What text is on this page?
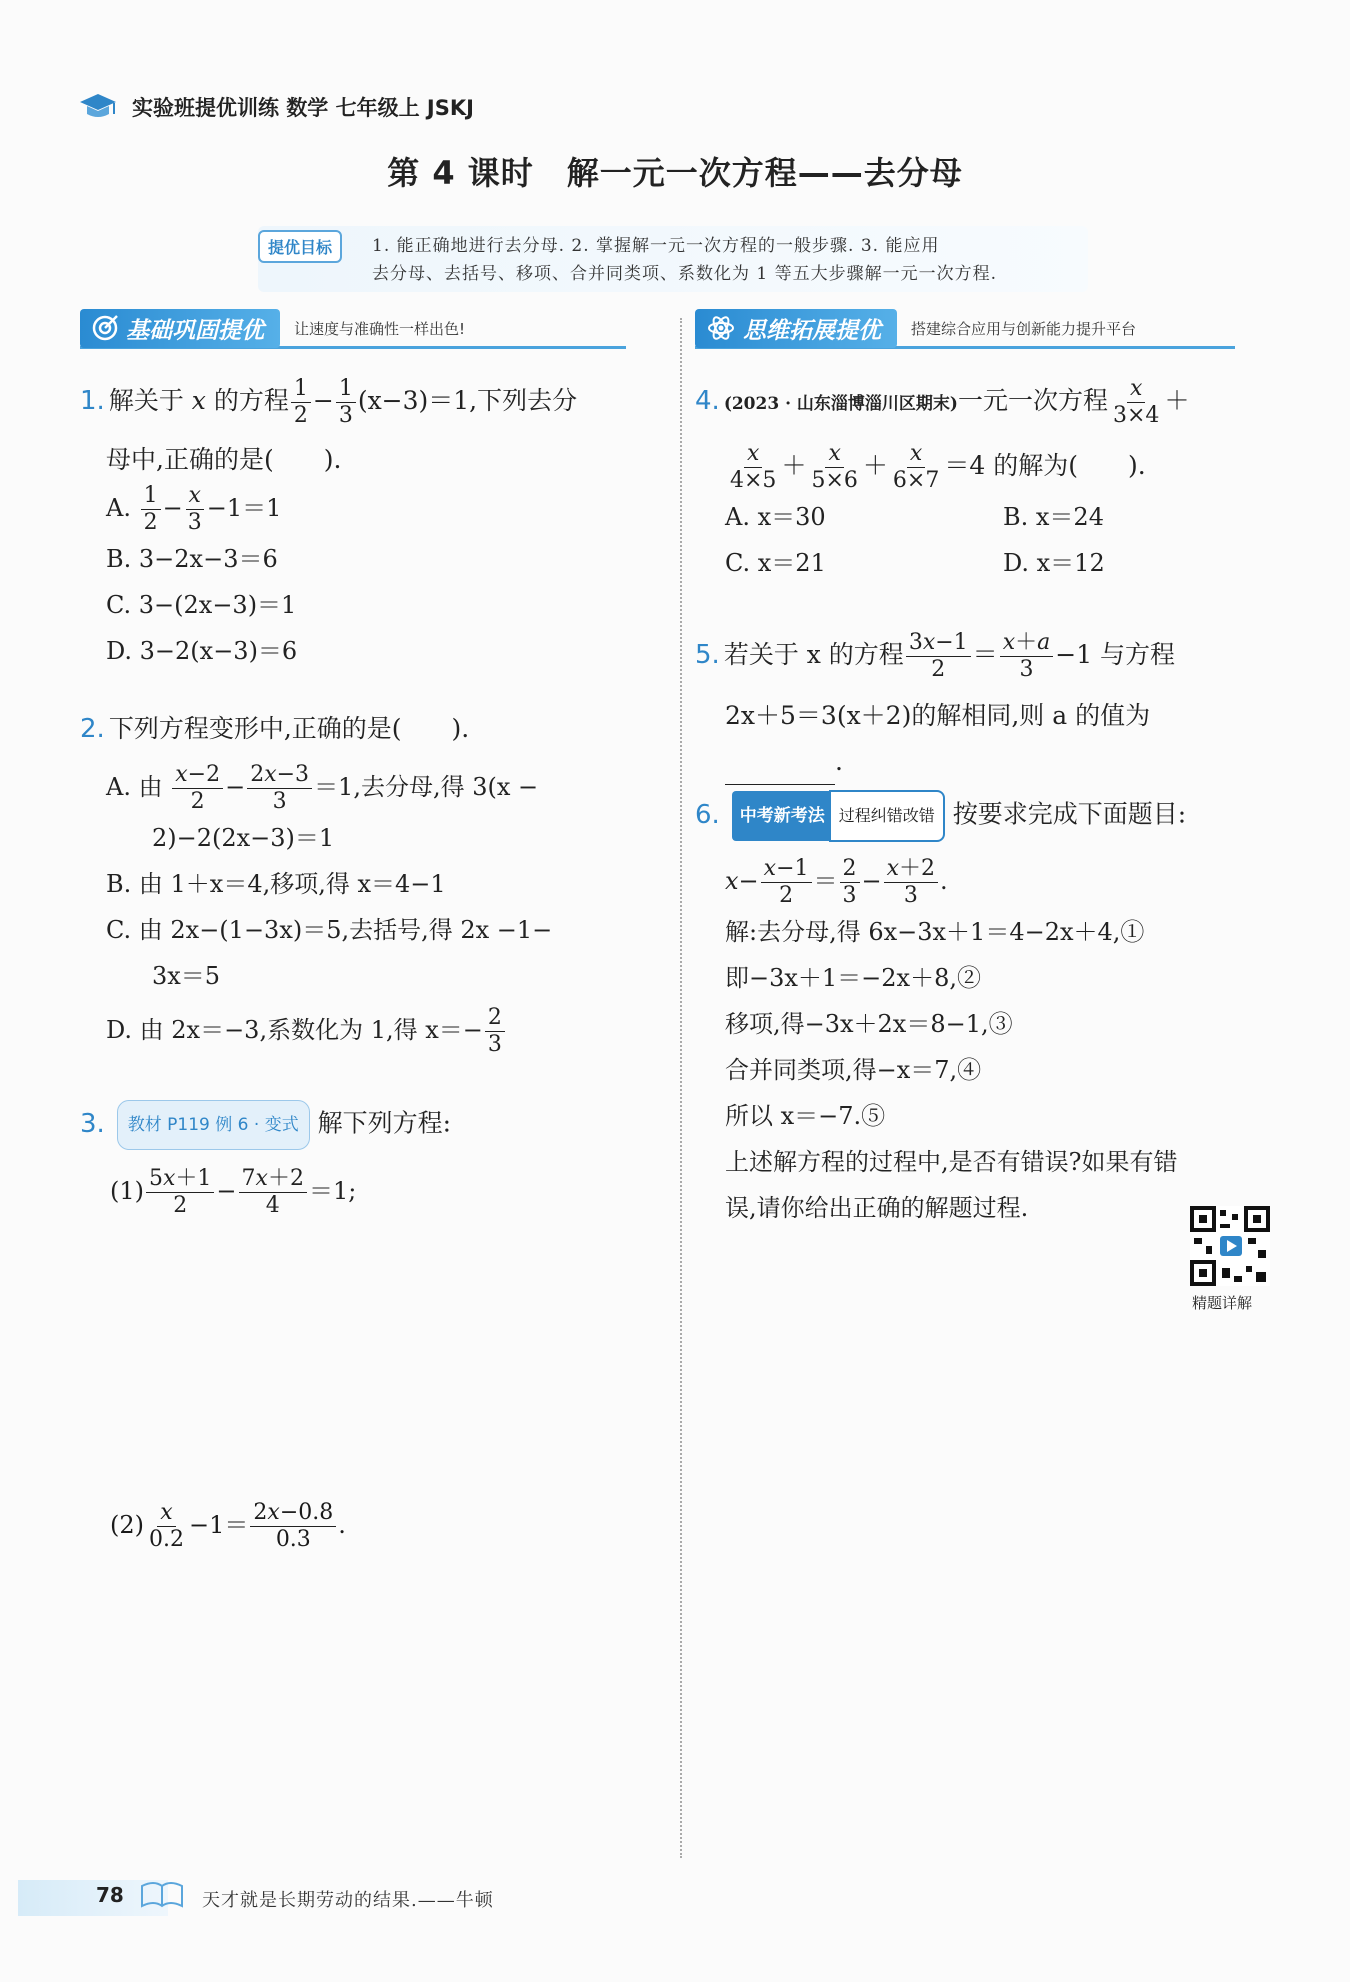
实验班提优训练 数学 七年级上 JSKJ
第 4 课时　解一元一次方程——去分母
提优目标	1. 能正确地进行去分母. 2. 掌握解一元一次方程的一般步骤. 3. 能应用
去分母、去括号、移项、合并同类项、系数化为 1 等五大步骤解一元一次方程.
基础巩固提优 让速度与准确性一样出色!	思维拓展提优 搭建综合应用与创新能力提升平台
1. 解关于 x 的方程 $\frac{1}{2} - \frac{1}{3} (x-3)=1$,下列去分
母中,正确的是(　　).
A. $\frac{1}{2} - \frac{x}{3} -1=1$
B. 3−2x−3＝6
C. 3−(2x−3)＝1
D. 3−2(x−3)＝6
2. 下列方程变形中,正确的是(　　).
A. 由 $\frac{x-2}{2} - \frac{2x-3}{3} =1$,去分母,得 3(x −
2)−2(2x−3)＝1
B. 由 1＋x＝4,移项,得 x＝4−1
C. 由 2x−(1−3x)＝5,去括号,得 2x −1−
3x＝5
D. 由 2x＝−3,系数化为 1,得 $x=- \frac{2}{3}$
3. 教材 P119 例 6 · 变式 解下列方程:
$(1) \frac{5x+1}{2} - \frac{7x+2}{4} =1$;
$(2) \frac{x}{0.2} -1= \frac{2x-0.8}{0.3}$ .
4. (2023 · 山东淄博淄川区期末)一元一次方程 $\frac{x}{3\times 4}$ ＋
$\frac{x}{4\times 5} + \frac{x}{5\times 6} + \frac{x}{6\times 7} =4$ 的解为(　　).
A. x＝30	B. x＝24
C. x＝21	D. x＝12
5. 若关于 x 的方程 $\frac{3x-1}{2} = \frac{x+a}{3} -1$ 与方程
2x＋5＝3(x＋2)的解相同,则 a 的值为
.
6. 中考新考法 过程纠错改错 按要求完成下面题目:
$x- \frac{x-1}{2} = \frac{2}{3} - \frac{x+2}{3}$ .
解:去分母,得 6x−3x＋1＝4−2x＋4,①
即−3x＋1＝−2x＋8,②
移项,得−3x＋2x＝8−1,③
合并同类项,得−x＝7,④
所以 x＝−7.⑤
上述解方程的过程中,是否有错误?如果有错
误,请你给出正确的解题过程.
精题详解
78	天才就是长期劳动的结果.——牛顿
